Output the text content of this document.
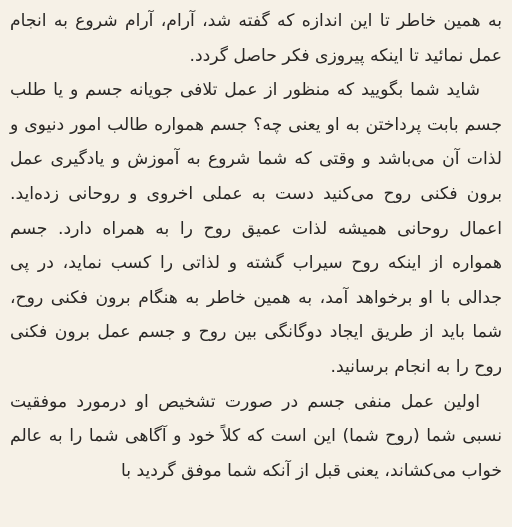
به همین خاطر تا این اندازه که گفته شد، آرام، آرام شروع به انجام عمل نمائید تا اینکه پیروزی فکر حاصل گردد.

شاید شما بگویید که منظور از عمل تلافی جویانه جسم و یا طلب جسم بابت پرداختن به او یعنی چه؟ جسم همواره طالب امور دنیوی و لذات آن می‌باشد و وقتی که شما شروع به آموزش و یادگیری عمل برون فکنی روح می‌کنید دست به عملی اخروی و روحانی زده‌اید. اعمال روحانی همیشه لذات عمیق روح را به همراه دارد. جسم همواره از اینکه روح سیراب گشته و لذاتی را کسب نماید، در پی جدالی با او برخواهد آمد، به همین خاطر به هنگام برون فکنی روح، شما باید از طریق ایجاد دوگانگی بین روح و جسم عمل برون فکنی روح را به انجام برسانید.

اولین عمل منفی جسم در صورت تشخیص او درمورد موفقیت نسبی شما (روح شما) این است که کلاً خود و آگاهی شما را به عالم خواب می‌کشاند، یعنی قبل از آنکه شما موفق گردید با
